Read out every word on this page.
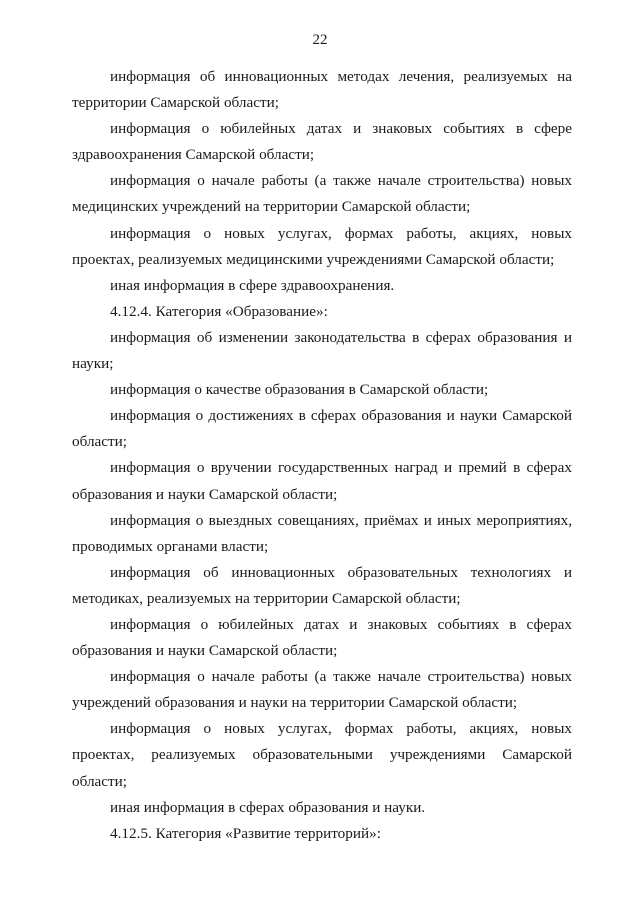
22

информация об инновационных методах лечения, реализуемых на территории Самарской области;

информация о юбилейных датах и знаковых событиях в сфере здравоохранения Самарской области;

информация о начале работы (а также начале строительства) новых медицинских учреждений на территории Самарской области;

информация о новых услугах, формах работы, акциях, новых проектах, реализуемых медицинскими учреждениями Самарской области;

иная информация в сфере здравоохранения.

4.12.4. Категория «Образование»:

информация об изменении законодательства в сферах образования и науки;

информация о качестве образования в Самарской области;

информация о достижениях в сферах образования и науки Самарской области;

информация о вручении государственных наград и премий в сферах образования и науки Самарской области;

информация о выездных совещаниях, приёмах и иных мероприятиях, проводимых органами власти;

информация об инновационных образовательных технологиях и методиках, реализуемых на территории Самарской области;

информация о юбилейных датах и знаковых событиях в сферах образования и науки Самарской области;

информация о начале работы (а также начале строительства) новых учреждений образования и науки на территории Самарской области;

информация о новых услугах, формах работы, акциях, новых проектах, реализуемых образовательными учреждениями Самарской области;

иная информация в сферах образования и науки.

4.12.5. Категория «Развитие территорий»:
